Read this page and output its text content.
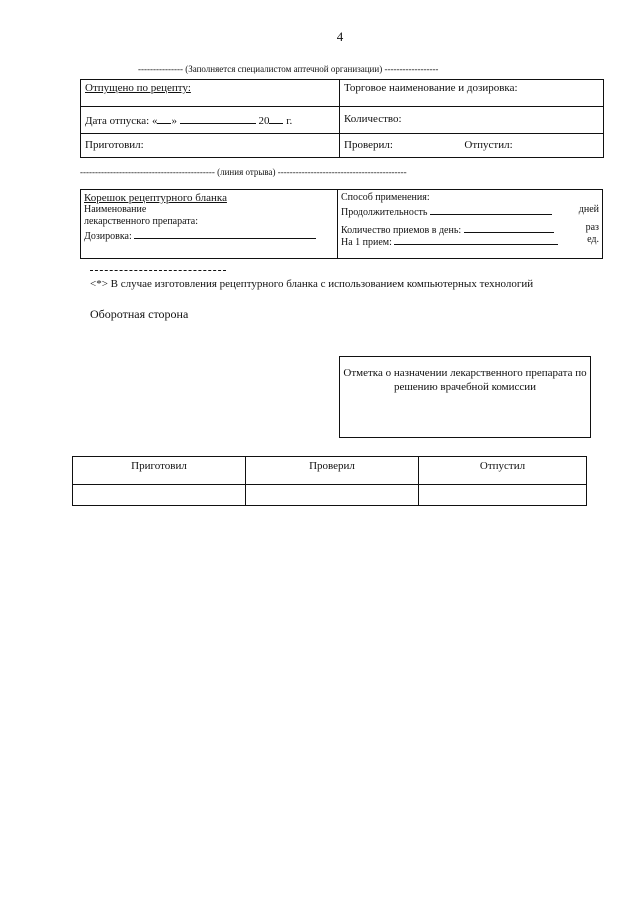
4
--------------- (Заполняется специалистом аптечной организации) ------------------
Отпущено по рецепту:	Торговое наименование и дозировка:
Дата отпуска: « » 20 г.	Количество:
Приготовил:	Проверил: Отпустил:
--------------------------------------------- (линия отрыва) -------------------------------------------
Корешок рецептурного бланка
Наименование
лекарственного препарата:
Дозировка:
Способ применения:
Продолжительность	дней
Количество приемов в день:	раз
На 1 прием:	ед.
<*> В случае изготовления рецептурного бланка с использованием компьютерных технологий
Оборотная сторона
Отметка о назначении лекарственного препарата по решению врачебной комиссии
Приготовил	Проверил	Отпустил
